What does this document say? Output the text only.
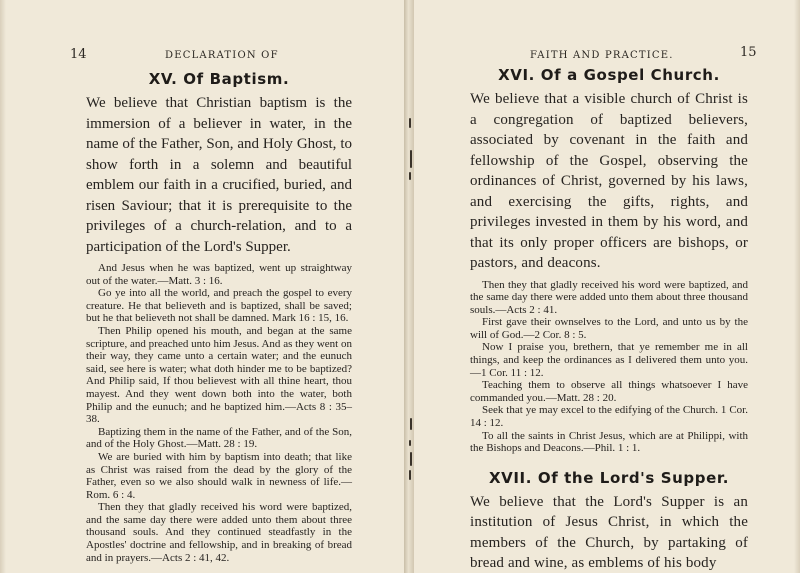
14	DECLARATION OF
XV. Of Baptism.
We believe that Christian baptism is the immersion of a believer in water, in the name of the Father, Son, and Holy Ghost, to show forth in a solemn and beautiful emblem our faith in a crucified, buried, and risen Saviour; that it is prerequisite to the privileges of a church-relation, and to a participation of the Lord's Supper.

And Jesus when he was baptized, went up straightway out of the water.—Matt. 3 : 16.

Go ye into all the world, and preach the gospel to every creature. He that believeth and is baptized, shall be saved; but he that believeth not shall be damned. Mark 16 : 15, 16.

Then Philip opened his mouth, and began at the same scripture, and preached unto him Jesus. And as they went on their way, they came unto a certain water; and the eunuch said, see here is water; what doth hinder me to be baptized? And Philip said, If thou believest with all thine heart, thou mayest. And they went down both into the water, both Philip and the eunuch; and he baptized him.—Acts 8 : 35–38.

Baptizing them in the name of the Father, and of the Son, and of the Holy Ghost.—Matt. 28 : 19.

We are buried with him by baptism into death; that like as Christ was raised from the dead by the glory of the Father, even so we also should walk in newness of life.—Rom. 6 : 4.

Then they that gladly received his word were baptized, and the same day there were added unto them about three thousand souls. And they continued steadfastly in the Apostles' doctrine and fellowship, and in breaking of bread and in prayers.—Acts 2 : 41, 42.

FAITH AND PRACTICE.	15
XVI. Of a Gospel Church.
We believe that a visible church of Christ is a congregation of baptized believers, associated by covenant in the faith and fellowship of the Gospel, observing the ordinances of Christ, governed by his laws, and exercising the gifts, rights, and privileges invested in them by his word, and that its only proper officers are bishops, or pastors, and deacons.

Then they that gladly received his word were baptized, and the same day there were added unto them about three thousand souls.—Acts 2 : 41.

First gave their ownselves to the Lord, and unto us by the will of God.—2 Cor. 8 : 5.

Now I praise you, brethern, that ye remember me in all things, and keep the ordinances as I delivered them unto you.—1 Cor. 11 : 12.

Teaching them to observe all things whatsoever I have commanded you.—Matt. 28 : 20.

Seek that ye may excel to the edifying of the Church. 1 Cor. 14 : 12.

To all the saints in Christ Jesus, which are at Philippi, with the Bishops and Deacons.—Phil. 1 : 1.

XVII. Of the Lord's Supper.
We believe that the Lord's Supper is an institution of Jesus Christ, in which the members of the Church, by partaking of bread and wine, as emblems of his body
